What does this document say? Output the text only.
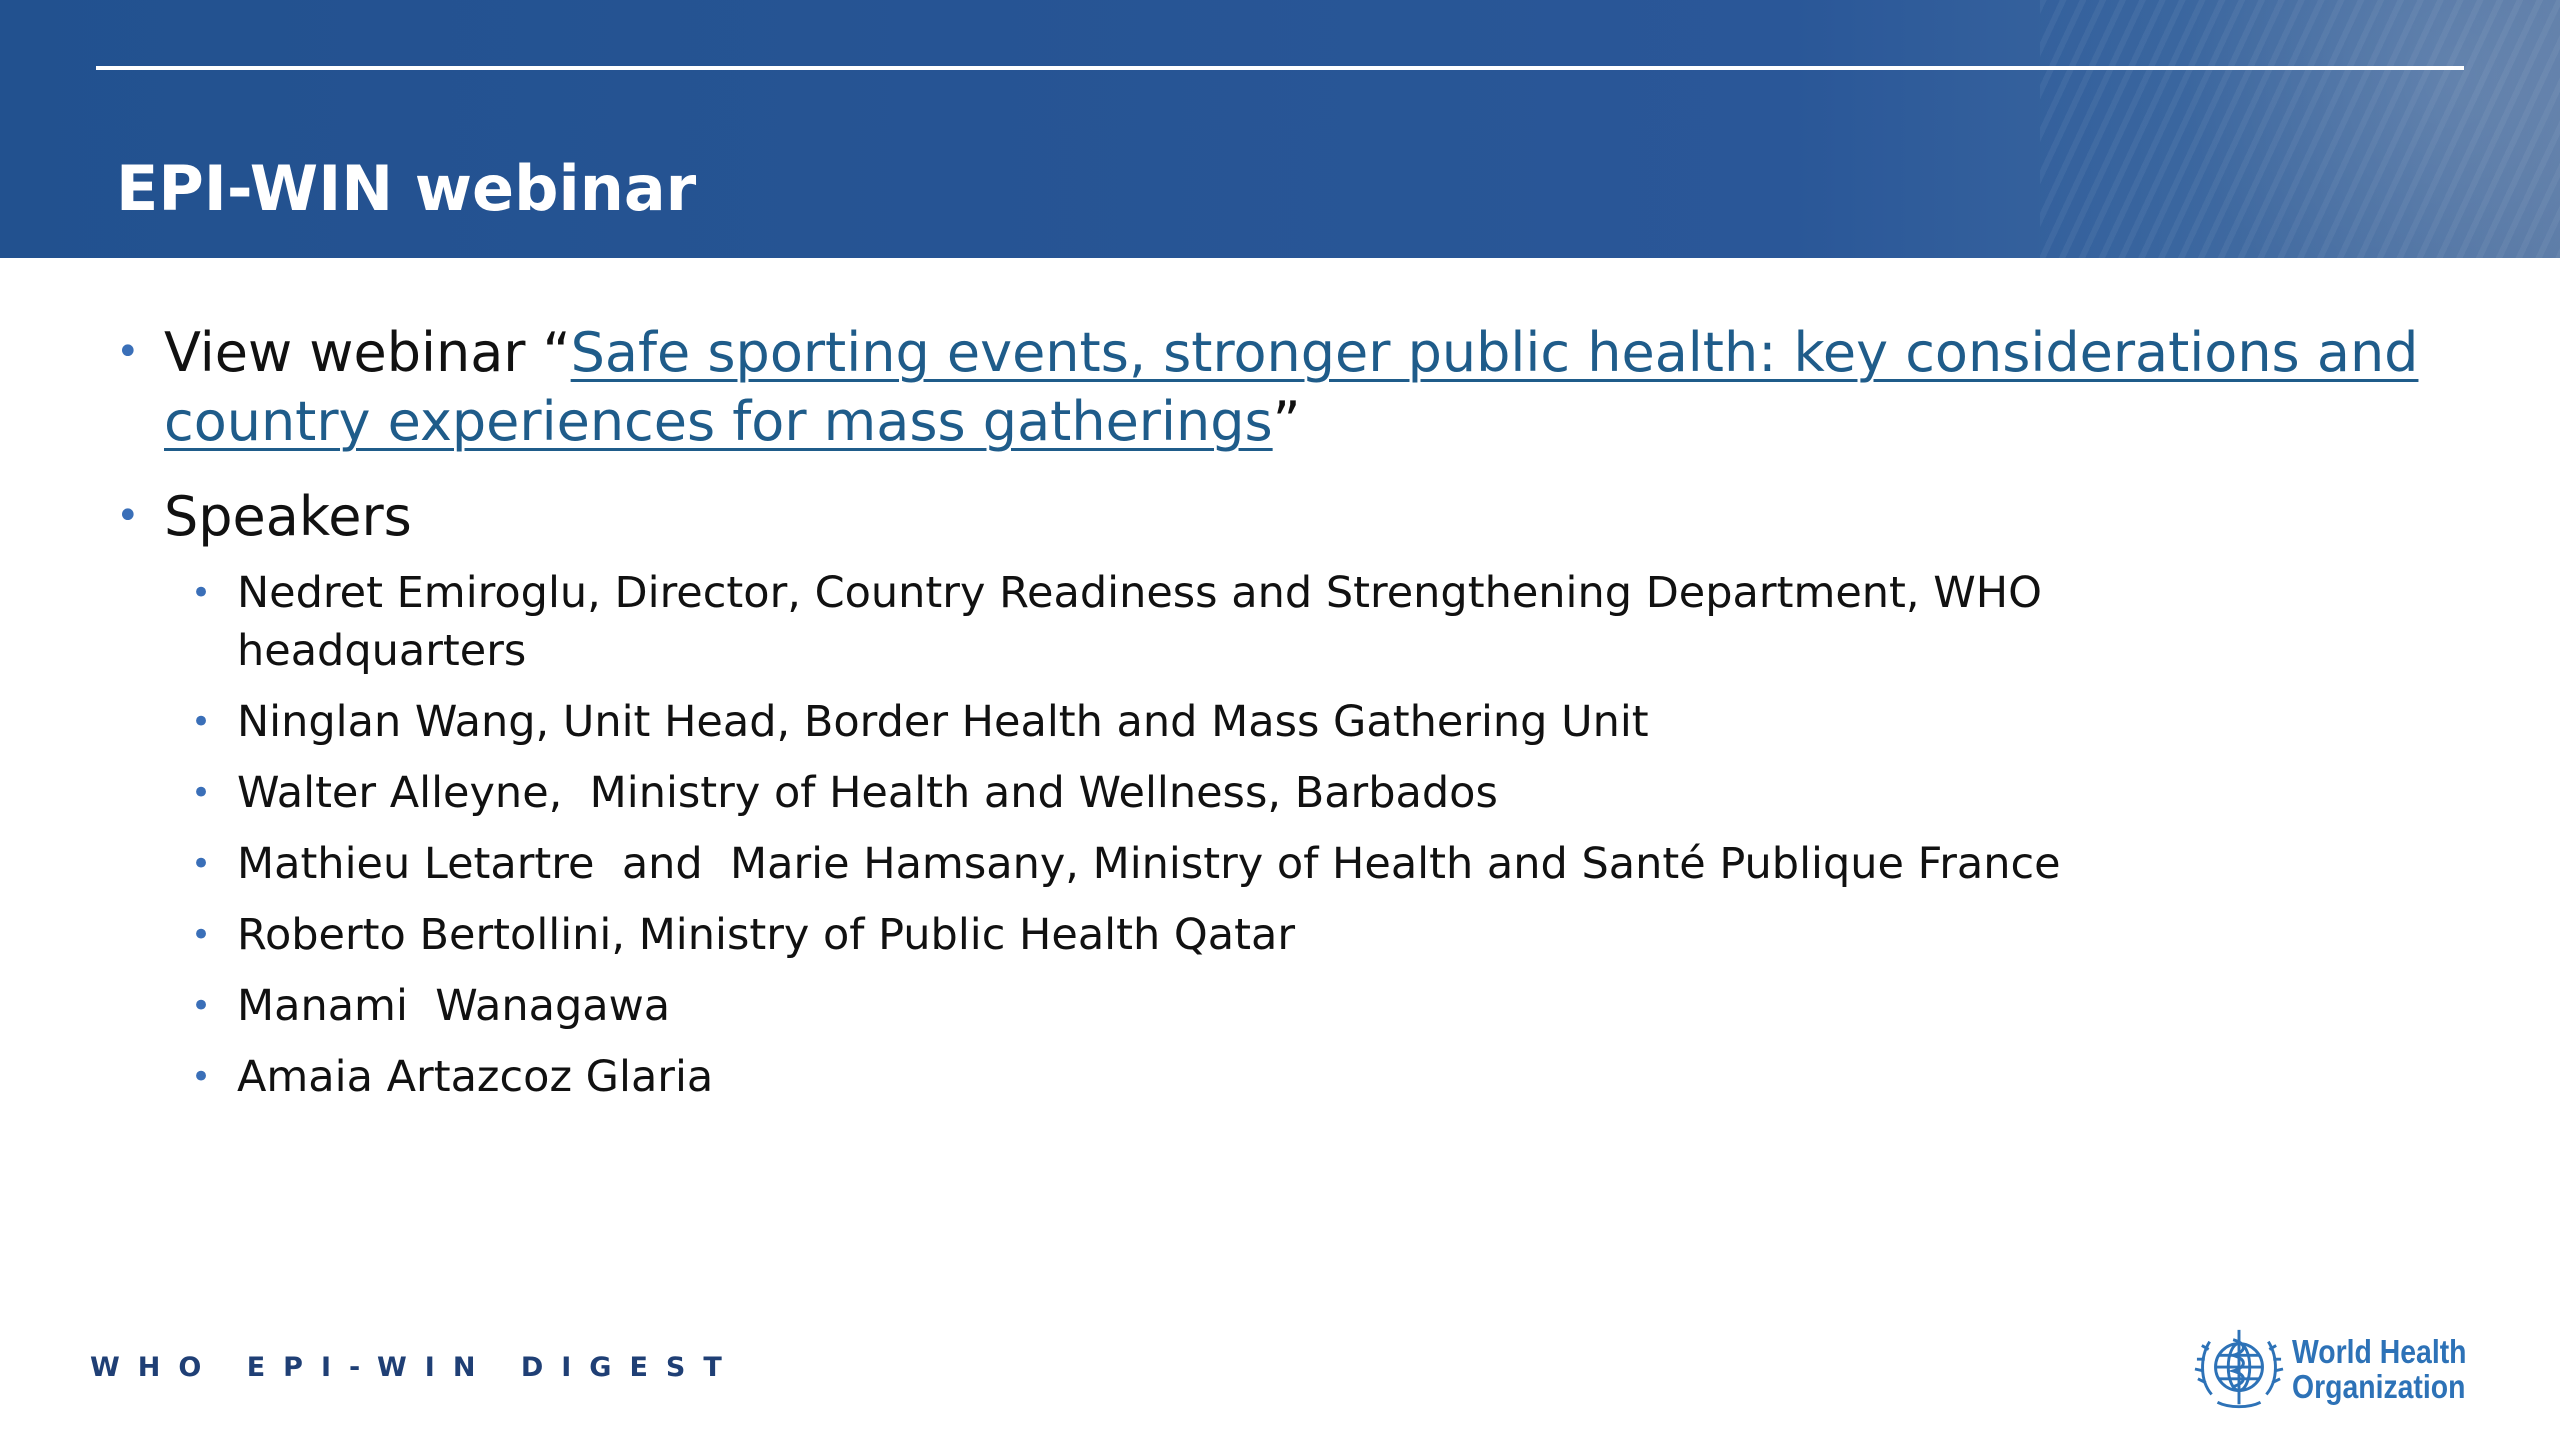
EPI-WIN webinar
• View webinar “Safe sporting events, stronger public health: key considerations and country experiences for mass gatherings”
• Speakers
• Nedret Emiroglu, Director, Country Readiness and Strengthening Department, WHO headquarters
• Ninglan Wang, Unit Head, Border Health and Mass Gathering Unit
• Walter Alleyne,  Ministry of Health and Wellness, Barbados
• Mathieu Letartre  and  Marie Hamsany, Ministry of Health and Santé Publique France
• Roberto Bertollini, Ministry of Public Health Qatar
• Manami  Wanagawa
• Amaia Artazcoz Glaria
WHO EPI-WIN DIGEST	World Health
Organization
